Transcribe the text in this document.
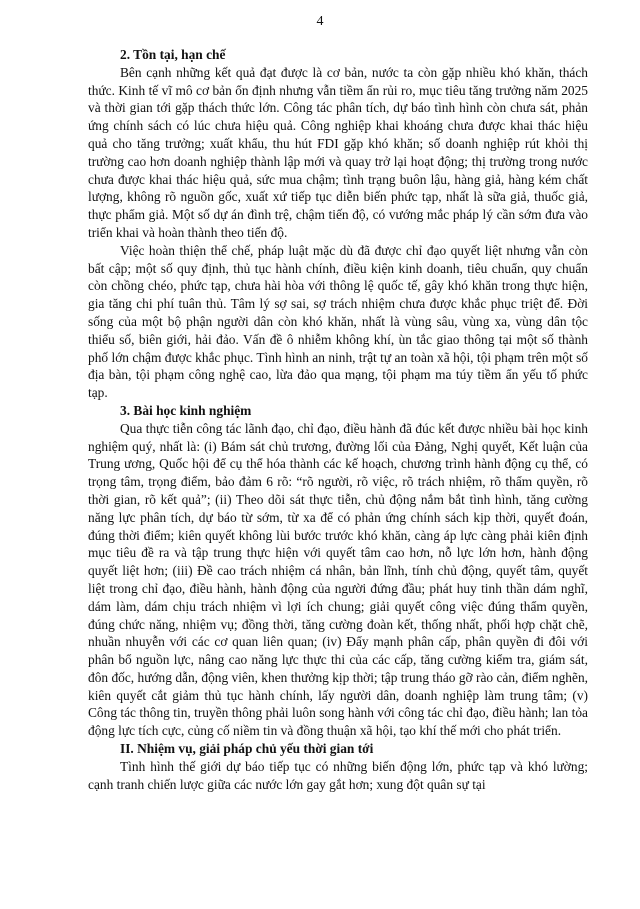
4
2. Tồn tại, hạn chế

Bên cạnh những kết quả đạt được là cơ bản, nước ta còn gặp nhiều khó khăn, thách thức. Kinh tế vĩ mô cơ bản ổn định nhưng vẫn tiềm ẩn rủi ro, mục tiêu tăng trưởng năm 2025 và thời gian tới gặp thách thức lớn. Công tác phân tích, dự báo tình hình còn chưa sát, phản ứng chính sách có lúc chưa hiệu quả. Công nghiệp khai khoáng chưa được khai thác hiệu quả cho tăng trưởng; xuất khẩu, thu hút FDI gặp khó khăn; số doanh nghiệp rút khỏi thị trường cao hơn doanh nghiệp thành lập mới và quay trở lại hoạt động; thị trường trong nước chưa được khai thác hiệu quả, sức mua chậm; tình trạng buôn lậu, hàng giả, hàng kém chất lượng, không rõ nguồn gốc, xuất xứ tiếp tục diễn biến phức tạp, nhất là sữa giả, thuốc giả, thực phẩm giả. Một số dự án đình trệ, chậm tiến độ, có vướng mắc pháp lý cần sớm đưa vào triển khai và hoàn thành theo tiến độ.

Việc hoàn thiện thể chế, pháp luật mặc dù đã được chỉ đạo quyết liệt nhưng vẫn còn bất cập; một số quy định, thủ tục hành chính, điều kiện kinh doanh, tiêu chuẩn, quy chuẩn còn chồng chéo, phức tạp, chưa hài hòa với thông lệ quốc tế, gây khó khăn trong thực hiện, gia tăng chi phí tuân thủ. Tâm lý sợ sai, sợ trách nhiệm chưa được khắc phục triệt để. Đời sống của một bộ phận người dân còn khó khăn, nhất là vùng sâu, vùng xa, vùng dân tộc thiểu số, biên giới, hải đảo. Vấn đề ô nhiễm không khí, ùn tắc giao thông tại một số thành phố lớn chậm được khắc phục. Tình hình an ninh, trật tự an toàn xã hội, tội phạm trên một số địa bàn, tội phạm công nghệ cao, lừa đảo qua mạng, tội phạm ma túy tiềm ẩn yếu tố phức tạp.

3. Bài học kinh nghiệm

Qua thực tiễn công tác lãnh đạo, chỉ đạo, điều hành đã đúc kết được nhiều bài học kinh nghiệm quý, nhất là: (i) Bám sát chủ trương, đường lối của Đảng, Nghị quyết, Kết luận của Trung ương, Quốc hội để cụ thể hóa thành các kế hoạch, chương trình hành động cụ thể, có trọng tâm, trọng điểm, bảo đảm 6 rõ: “rõ người, rõ việc, rõ trách nhiệm, rõ thẩm quyền, rõ thời gian, rõ kết quả”; (ii) Theo dõi sát thực tiễn, chủ động nắm bắt tình hình, tăng cường năng lực phân tích, dự báo từ sớm, từ xa để có phản ứng chính sách kịp thời, quyết đoán, đúng thời điểm; kiên quyết không lùi bước trước khó khăn, càng áp lực càng phải kiên định mục tiêu đề ra và tập trung thực hiện với quyết tâm cao hơn, nỗ lực lớn hơn, hành động quyết liệt hơn; (iii) Đề cao trách nhiệm cá nhân, bản lĩnh, tính chủ động, quyết tâm, quyết liệt trong chỉ đạo, điều hành, hành động của người đứng đầu; phát huy tinh thần dám nghĩ, dám làm, dám chịu trách nhiệm vì lợi ích chung; giải quyết công việc đúng thẩm quyền, đúng chức năng, nhiệm vụ; đồng thời, tăng cường đoàn kết, thống nhất, phối hợp chặt chẽ, nhuần nhuyễn với các cơ quan liên quan; (iv) Đẩy mạnh phân cấp, phân quyền đi đôi với phân bổ nguồn lực, nâng cao năng lực thực thi của các cấp, tăng cường kiểm tra, giám sát, đôn đốc, hướng dẫn, động viên, khen thưởng kịp thời; tập trung tháo gỡ rào cản, điểm nghẽn, kiên quyết cắt giảm thủ tục hành chính, lấy người dân, doanh nghiệp làm trung tâm; (v) Công tác thông tin, truyền thông phải luôn song hành với công tác chỉ đạo, điều hành; lan tỏa động lực tích cực, củng cố niềm tin và đồng thuận xã hội, tạo khí thế mới cho phát triển.

II. Nhiệm vụ, giải pháp chủ yếu thời gian tới

Tình hình thế giới dự báo tiếp tục có những biến động lớn, phức tạp và khó lường; cạnh tranh chiến lược giữa các nước lớn gay gắt hơn; xung đột quân sự tại
